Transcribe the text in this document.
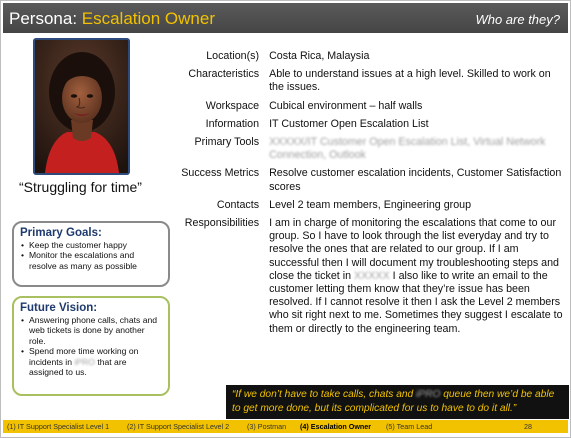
Persona: Escalation Owner	Who are they?
“Struggling for time”
Location(s)	Costa Rica, Malaysia
Characteristics	Able to understand issues at a high level. Skilled to work on the issues.
Workspace	Cubical environment – half walls
Information	IT Customer Open Escalation List
Primary Tools	XXXXX/IT Customer Open Escalation List, Virtual Network Connection, Outlook
Success Metrics	Resolve customer escalation incidents, Customer Satisfaction scores
Contacts	Level 2 team members, Engineering group
Responsibilities	I am in charge of monitoring the escalations that come to our group. So I have to look through the list everyday and try to resolve the ones that are related to our group. If I am successful then I will document my troubleshooting steps and close the ticket in XXXXX I also like to write an email to the customer letting them know that they’re issue has been resolved. If I cannot resolve it then I ask the Level 2 members who sit right next to me. Sometimes they suggest I escalate to them or directly to the engineering team.
Primary Goals:
• Keep the customer happy
• Monitor the escalations and resolve as many as possible
Future Vision:
• Answering phone calls, chats and web tickets is done by another role.
• Spend more time working on incidents in iPRO that are assigned to us.
“If we don’t have to take calls, chats and iPRO queue then we’d be able to get more done, but its complicated for us to have to do it all.”
(1) IT Support Specialist Level 1 (2) IT Support Specialist Level 2 (3) Postman (4) Escalation Owner (5) Team Lead	28
